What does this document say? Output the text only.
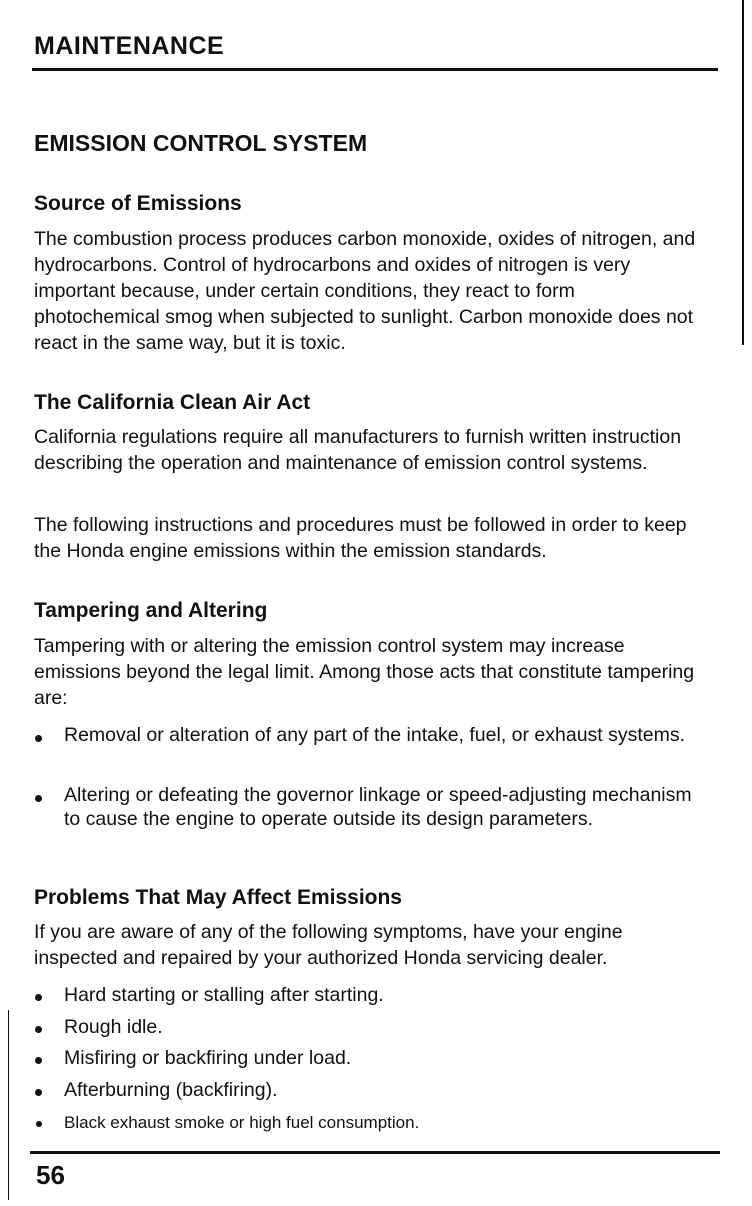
MAINTENANCE
EMISSION CONTROL SYSTEM
Source of Emissions
The combustion process produces carbon monoxide, oxides of nitrogen, and hydrocarbons. Control of hydrocarbons and oxides of nitrogen is very important because, under certain conditions, they react to form photochemical smog when subjected to sunlight. Carbon monoxide does not react in the same way, but it is toxic.
The California Clean Air Act
California regulations require all manufacturers to furnish written instruction describing the operation and maintenance of emission control systems.
The following instructions and procedures must be followed in order to keep the Honda engine emissions within the emission standards.
Tampering and Altering
Tampering with or altering the emission control system may increase emissions beyond the legal limit. Among those acts that constitute tampering are:
Removal or alteration of any part of the intake, fuel, or exhaust systems.
Altering or defeating the governor linkage or speed-adjusting mechanism to cause the engine to operate outside its design parameters.
Problems That May Affect Emissions
If you are aware of any of the following symptoms, have your engine inspected and repaired by your authorized Honda servicing dealer.
Hard starting or stalling after starting.
Rough idle.
Misfiring or backfiring under load.
Afterburning (backfiring).
Black exhaust smoke or high fuel consumption.
56
